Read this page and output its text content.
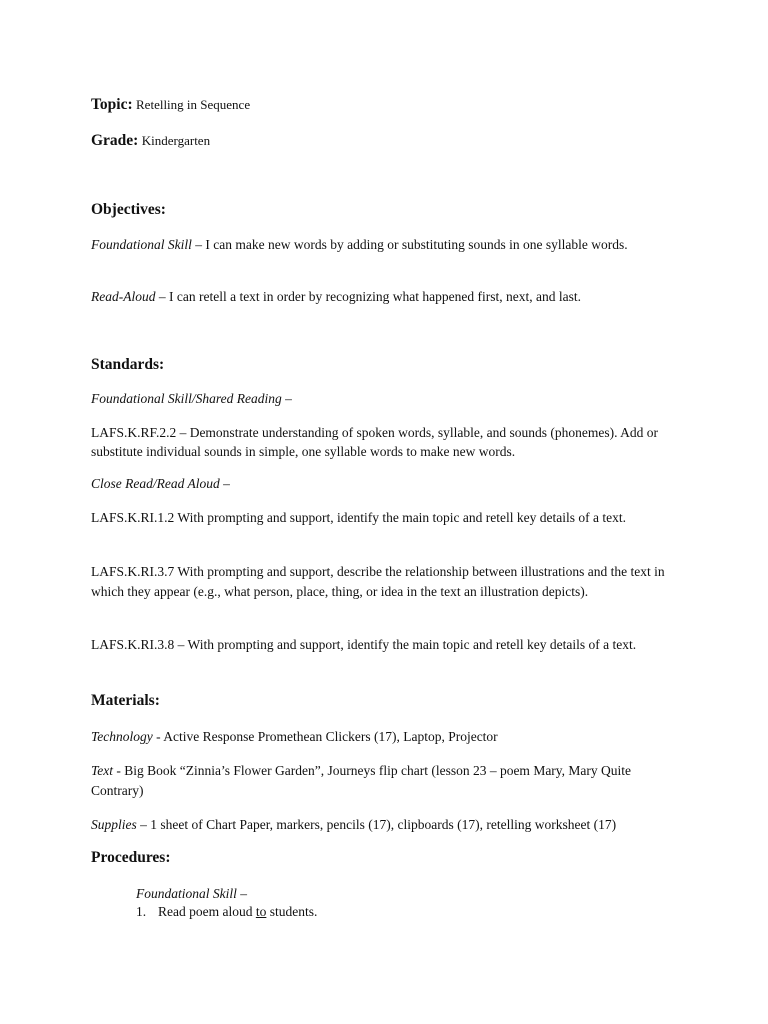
Topic: Retelling in Sequence
Grade: Kindergarten
Objectives:
Foundational Skill – I can make new words by adding or substituting sounds in one syllable words.
Read-Aloud – I can retell a text in order by recognizing what happened first, next, and last.
Standards:
Foundational Skill/Shared Reading –
LAFS.K.RF.2.2 – Demonstrate understanding of spoken words, syllable, and sounds (phonemes). Add or substitute individual sounds in simple, one syllable words to make new words.
Close Read/Read Aloud –
LAFS.K.RI.1.2 With prompting and support, identify the main topic and retell key details of a text.
LAFS.K.RI.3.7 With prompting and support, describe the relationship between illustrations and the text in which they appear (e.g., what person, place, thing, or idea in the text an illustration depicts).
LAFS.K.RI.3.8 – With prompting and support, identify the main topic and retell key details of a text.
Materials:
Technology - Active Response Promethean Clickers (17), Laptop, Projector
Text - Big Book “Zinnia’s Flower Garden”, Journeys flip chart (lesson 23 – poem Mary, Mary Quite Contrary)
Supplies – 1 sheet of Chart Paper, markers, pencils (17), clipboards (17), retelling worksheet (17)
Procedures:
Foundational Skill –
1. Read poem aloud to students.
